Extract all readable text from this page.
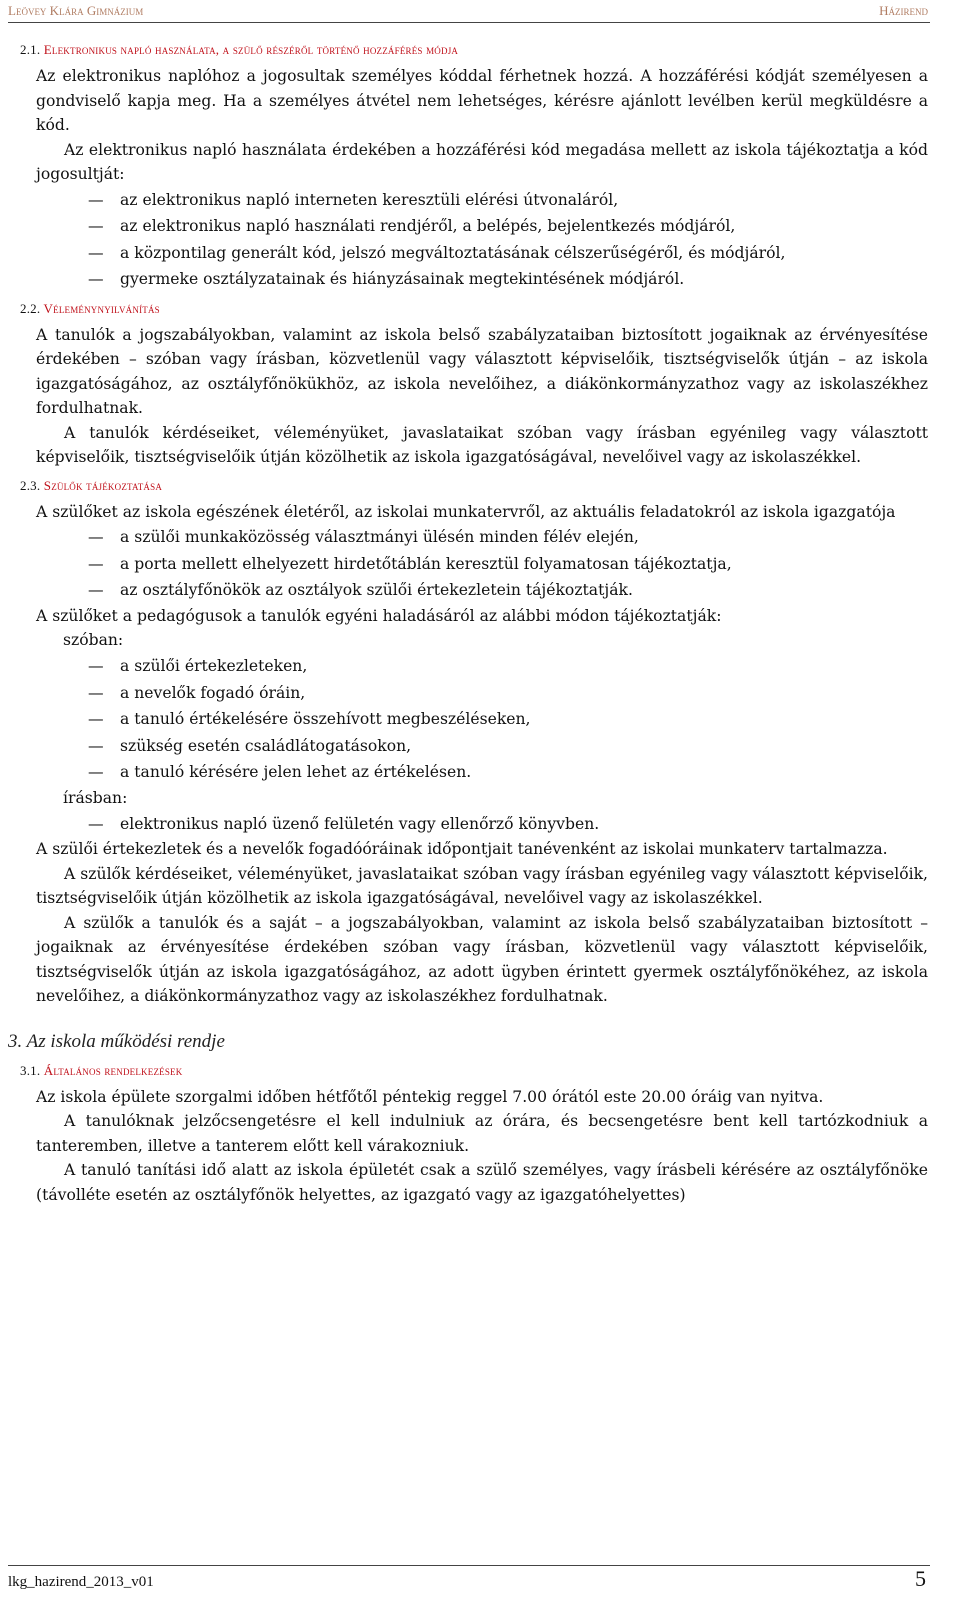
Leövey Klára Gimnázium	Házirend
2.1. Elektronikus napló használata, a szülő részéről történő hozzáférés módja

Az elektronikus naplóhoz a jogosultak személyes kóddal férhetnek hozzá. A hozzáférési kódját személyesen a gondviselő kapja meg. Ha a személyes átvétel nem lehetséges, kérésre ajánlott levélben kerül megküldésre a kód.

Az elektronikus napló használata érdekében a hozzáférési kód megadása mellett az iskola tájékoztatja a kód jogosultját:

— az elektronikus napló interneten keresztüli elérési útvonaláról,

— az elektronikus napló használati rendjéről, a belépés, bejelentkezés módjáról,

— a központilag generált kód, jelszó megváltoztatásának célszerűségéről, és módjáról,

— gyermeke osztályzatainak és hiányzásainak megtekintésének módjáról.

2.2. Véleménynyilvánítás

A tanulók a jogszabályokban, valamint az iskola belső szabályzataiban biztosított jogaiknak az érvényesítése érdekében – szóban vagy írásban, közvetlenül vagy választott képviselőik, tisztségviselők útján – az iskola igazgatóságához, az osztályfőnökükhöz, az iskola nevelőihez, a diákönkormányzathoz vagy az iskolaszékhez fordulhatnak.

A tanulók kérdéseiket, véleményüket, javaslataikat szóban vagy írásban egyénileg vagy választott képviselőik, tisztségviselőik útján közölhetik az iskola igazgatóságával, nevelőivel vagy az iskolaszékkel.

2.3. Szülők tájékoztatása

A szülőket az iskola egészének életéről, az iskolai munkatervről, az aktuális feladatokról az iskola igazgatója

— a szülői munkaközösség választmányi ülésén minden félév elején,

— a porta mellett elhelyezett hirdetőtáblán keresztül folyamatosan tájékoztatja,

— az osztályfőnökök az osztályok szülői értekezletein tájékoztatják.

A szülőket a pedagógusok a tanulók egyéni haladásáról az alábbi módon tájékoztatják:

szóban:

— a szülői értekezleteken,

— a nevelők fogadó óráin,

— a tanuló értékelésére összehívott megbeszéléseken,

— szükség esetén családlátogatásokon,

— a tanuló kérésére jelen lehet az értékelésen.

írásban:

— elektronikus napló üzenő felületén vagy ellenőrző könyvben.

A szülői értekezletek és a nevelők fogadóóráinak időpontjait tanévenként az iskolai munkaterv tartalmazza.

A szülők kérdéseiket, véleményüket, javaslataikat szóban vagy írásban egyénileg vagy választott képviselőik, tisztségviselőik útján közölhetik az iskola igazgatóságával, nevelőivel vagy az iskolaszékkel.

A szülők a tanulók és a saját – a jogszabályokban, valamint az iskola belső szabályzataiban biztosított – jogaiknak az érvényesítése érdekében szóban vagy írásban, közvetlenül vagy választott képviselőik, tisztségviselők útján az iskola igazgatóságához, az adott ügyben érintett gyermek osztályfőnökéhez, az iskola nevelőihez, a diákönkormányzathoz vagy az iskolaszékhez fordulhatnak.

3. Az iskola működési rendje
3.1. Általános rendelkezések

Az iskola épülete szorgalmi időben hétfőtől péntekig reggel 7.00 órától este 20.00 óráig van nyitva.

A tanulóknak jelzőcsengetésre el kell indulniuk az órára, és becsengetésre bent kell tartózkodniuk a tanteremben, illetve a tanterem előtt kell várakozniuk.

A tanuló tanítási idő alatt az iskola épületét csak a szülő személyes, vagy írásbeli kérésére az osztályfőnöke (távolléte esetén az osztályfőnök helyettes, az igazgató vagy az igazgatóhelyettes)

lkg_hazirend_2013_v01	5
